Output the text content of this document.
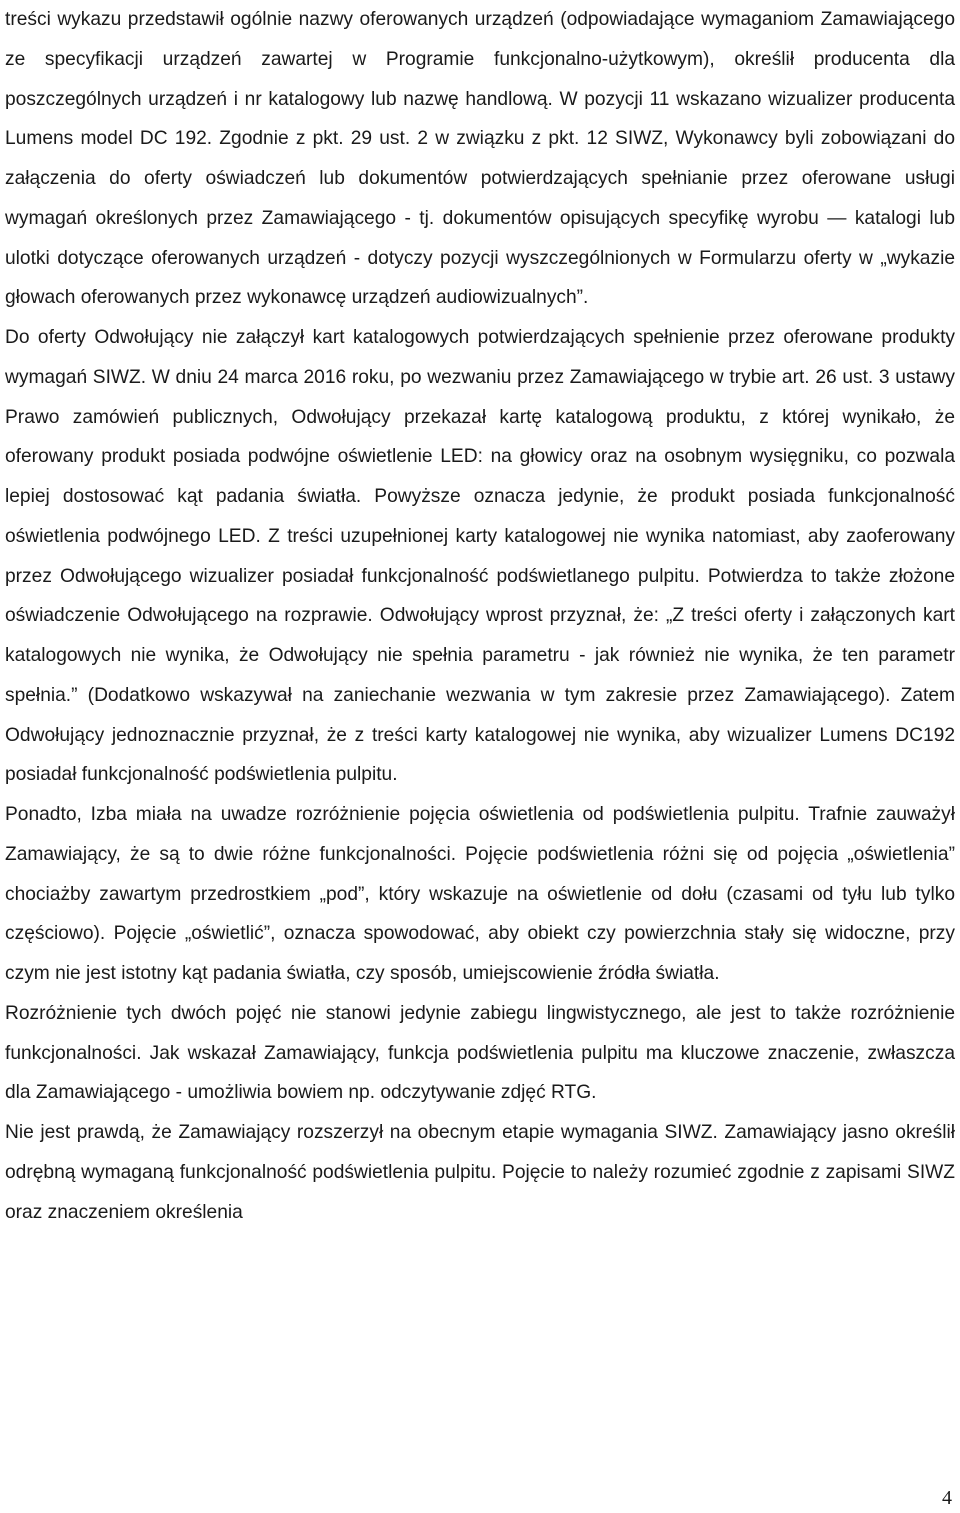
treści wykazu przedstawił ogólnie nazwy oferowanych urządzeń (odpowiadające wymaganiom Zamawiającego ze specyfikacji urządzeń zawartej w Programie funkcjonalno-użytkowym), określił producenta dla poszczególnych urządzeń i nr katalogowy lub nazwę handlową. W pozycji 11 wskazano wizualizer producenta Lumens model DC 192. Zgodnie z pkt. 29 ust. 2 w związku z pkt. 12 SIWZ, Wykonawcy byli zobowiązani do załączenia do oferty oświadczeń lub dokumentów potwierdzających spełnianie przez oferowane usługi wymagań określonych przez Zamawiającego - tj. dokumentów opisujących specyfikę wyrobu — katalogi lub ulotki dotyczące oferowanych urządzeń - dotyczy pozycji wyszczególnionych w Formularzu oferty w „wykazie głowach oferowanych przez wykonawcę urządzeń audiowizualnych”.

Do oferty Odwołujący nie załączył kart katalogowych potwierdzających spełnienie przez oferowane produkty wymagań SIWZ. W dniu 24 marca 2016 roku, po wezwaniu przez Zamawiającego w trybie art. 26 ust. 3 ustawy Prawo zamówień publicznych, Odwołujący przekazał kartę katalogową produktu, z której wynikało, że oferowany produkt posiada podwójne oświetlenie LED: na głowicy oraz na osobnym wysięgniku, co pozwala lepiej dostosować kąt padania światła. Powyższe oznacza jedynie, że produkt posiada funkcjonalność oświetlenia podwójnego LED. Z treści uzupełnionej karty katalogowej nie wynika natomiast, aby zaoferowany przez Odwołującego wizualizer posiadał funkcjonalność podświetlanego pulpitu. Potwierdza to także złożone oświadczenie Odwołującego na rozprawie. Odwołujący wprost przyznał, że: „Z treści oferty i załączonych kart katalogowych nie wynika, że Odwołujący nie spełnia parametru - jak również nie wynika, że ten parametr spełnia.” (Dodatkowo wskazywał na zaniechanie wezwania w tym zakresie przez Zamawiającego). Zatem Odwołujący jednoznacznie przyznał, że z treści karty katalogowej nie wynika, aby wizualizer Lumens DC192 posiadał funkcjonalność podświetlenia pulpitu.

Ponadto, Izba miała na uwadze rozróżnienie pojęcia oświetlenia od podświetlenia pulpitu. Trafnie zauważył Zamawiający, że są to dwie różne funkcjonalności. Pojęcie podświetlenia różni się od pojęcia „oświetlenia” chociażby zawartym przedrostkiem „pod”, który wskazuje na oświetlenie od dołu (czasami od tyłu lub tylko częściowo). Pojęcie „oświetlić”, oznacza spowodować, aby obiekt czy powierzchnia stały się widoczne, przy czym nie jest istotny kąt padania światła, czy sposób, umiejscowienie źródła światła.

Rozróżnienie tych dwóch pojęć nie stanowi jedynie zabiegu lingwistycznego, ale jest to także rozróżnienie funkcjonalności. Jak wskazał Zamawiający, funkcja podświetlenia pulpitu ma kluczowe znaczenie, zwłaszcza dla Zamawiającego - umożliwia bowiem np. odczytywanie zdjęć RTG.

Nie jest prawdą, że Zamawiający rozszerzył na obecnym etapie wymagania SIWZ. Zamawiający jasno określił odrębną wymaganą funkcjonalność podświetlenia pulpitu. Pojęcie to należy rozumieć zgodnie z zapisami SIWZ oraz znaczeniem określenia

4
